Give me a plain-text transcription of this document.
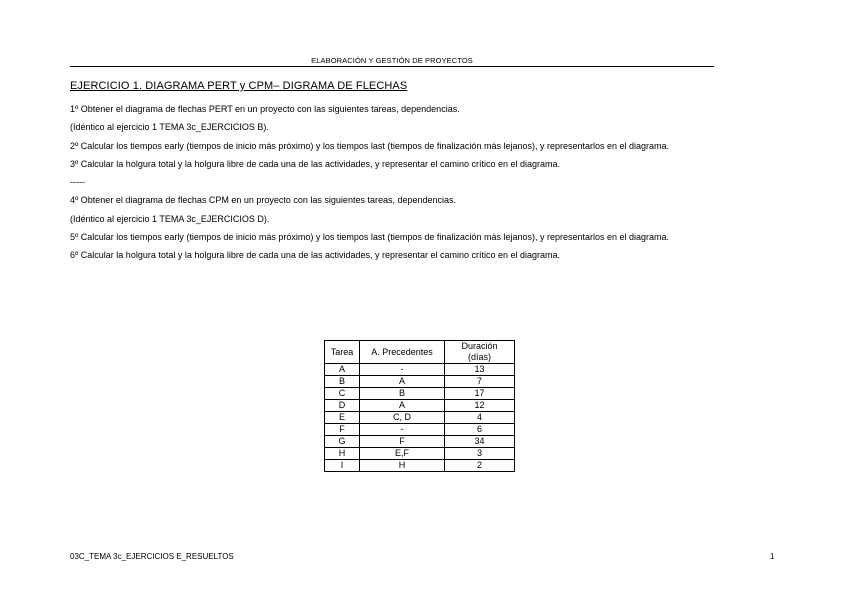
ELABORACIÓN Y GESTIÓN DE PROYECTOS
EJERCICIO 1. DIAGRAMA PERT y CPM– DIGRAMA DE FLECHAS

1º Obtener el diagrama de flechas PERT en un proyecto con las siguientes tareas, dependencias.

(Idéntico al ejercicio 1 TEMA 3c_EJERCICIOS B).

2º Calcular los tiempos early (tiempos de inicio más próximo) y los tiempos last (tiempos de finalización más lejanos), y representarlos en el diagrama.

3º Calcular la holgura total y la holgura libre de cada una de las actividades, y representar el camino crítico en el diagrama.

-----

4º Obtener el diagrama de flechas CPM en un proyecto con las siguientes tareas, dependencias.

(Idéntico al ejercicio 1 TEMA 3c_EJERCICIOS D).

5º Calcular los tiempos early (tiempos de inicio más próximo) y los tiempos last (tiempos de finalización más lejanos), y representarlos en el diagrama.

6º Calcular la holgura total y la holgura libre de cada una de las actividades, y representar el camino crítico en el diagrama.

Tarea	A. Precedentes	Duración (días)
A	-	13
B	A	7
C	B	17
D	A	12
E	C, D	4
F	-	6
G	F	34
H	E,F	3
I	H	2
03C_TEMA 3c_EJERCICIOS E_RESUELTOS	1
